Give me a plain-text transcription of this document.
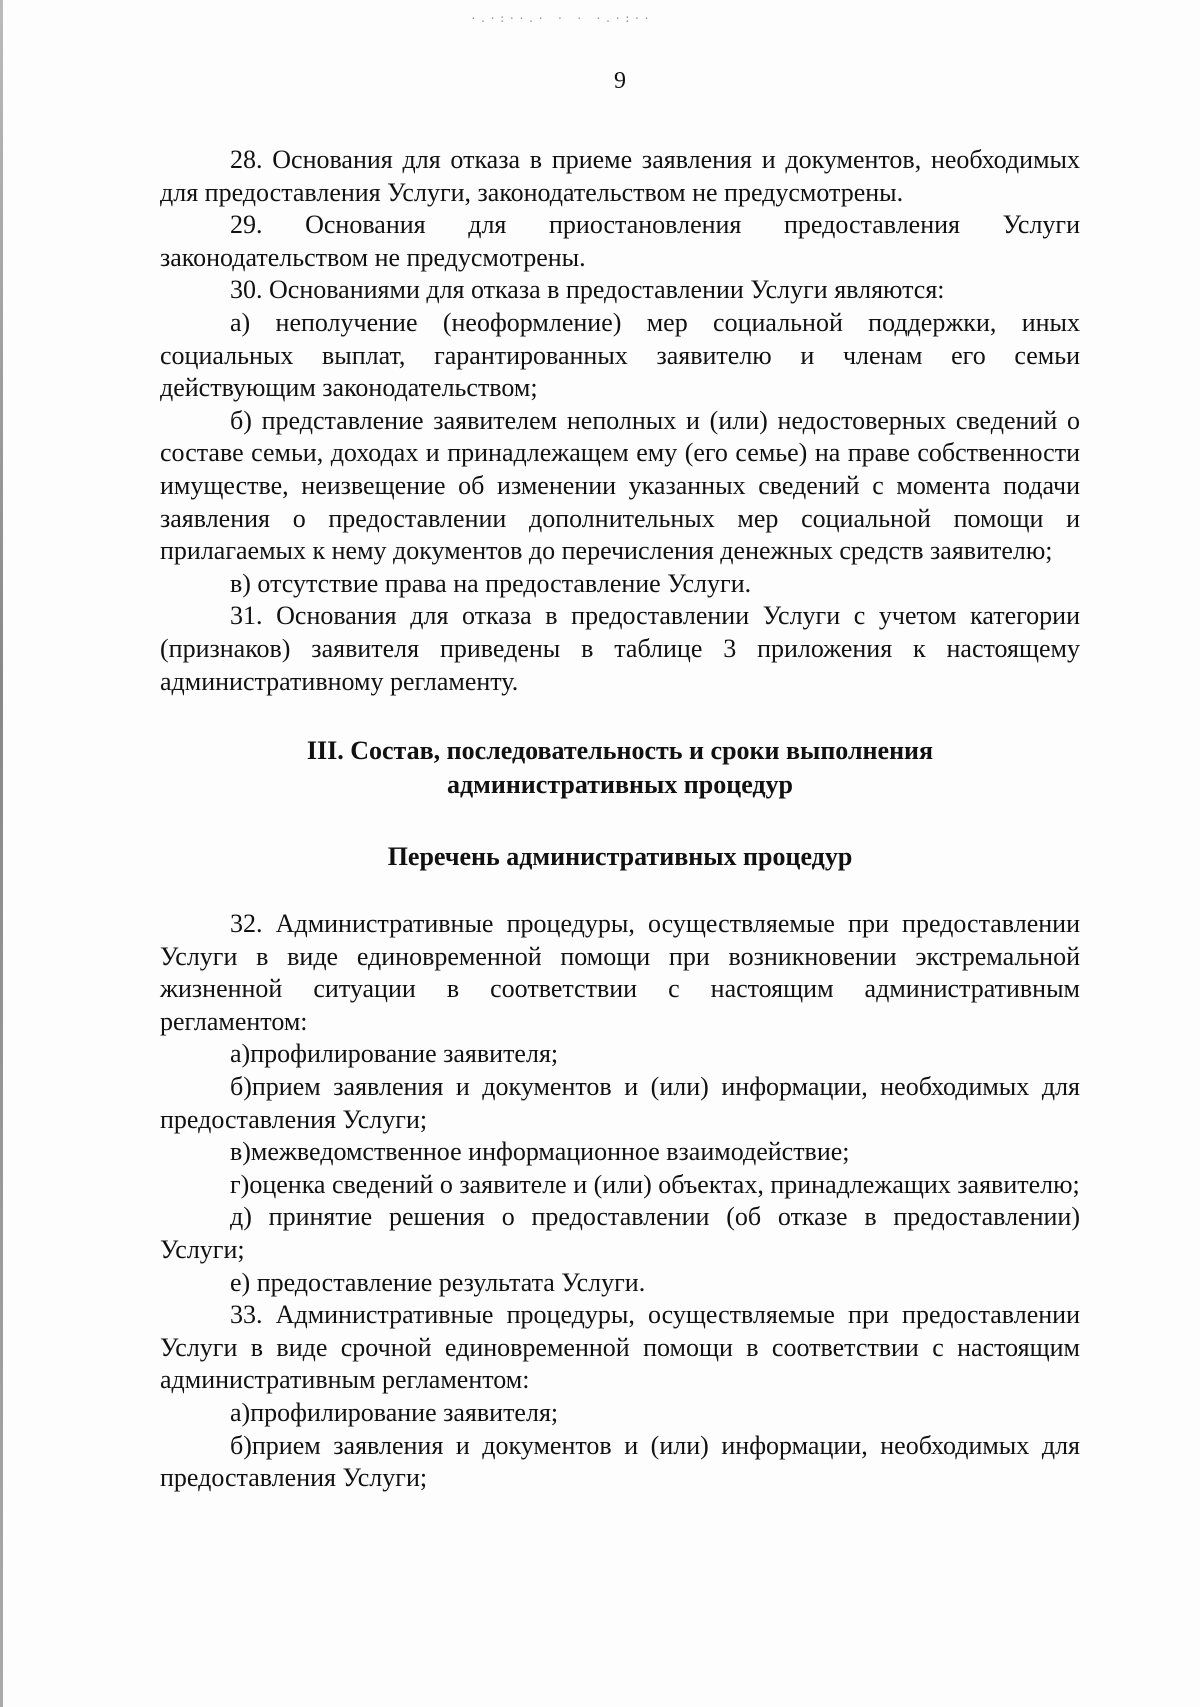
·.·:··.· · · ·.·:··
9

28. Основания для отказа в приеме заявления и документов, необходимых для предоставления Услуги, законодательством не предусмотрены.

29. Основания для приостановления предоставления Услуги законодательством не предусмотрены.

30. Основаниями для отказа в предоставлении Услуги являются:

а) неполучение (неоформление) мер социальной поддержки, иных социальных выплат, гарантированных заявителю и членам его семьи действующим законодательством;

б) представление заявителем неполных и (или) недостоверных сведений о составе семьи, доходах и принадлежащем ему (его семье) на праве собственности имуществе, неизвещение об изменении указанных сведений с момента подачи заявления о предоставлении дополнительных мер социальной помощи и прилагаемых к нему документов до перечисления денежных средств заявителю;

в) отсутствие права на предоставление Услуги.

31. Основания для отказа в предоставлении Услуги с учетом категории (признаков) заявителя приведены в таблице 3 приложения к настоящему административному регламенту.

III. Состав, последовательность и сроки выполнения

административных процедур

Перечень административных процедур

32. Административные процедуры, осуществляемые при предоставлении Услуги в виде единовременной помощи при возникновении экстремальной жизненной ситуации в соответствии с настоящим административным регламентом:

а)профилирование заявителя;

б)прием заявления и документов и (или) информации, необходимых для предоставления Услуги;

в)межведомственное информационное взаимодействие;

г)оценка сведений о заявителе и (или) объектах, принадлежащих заявителю;

д) принятие решения о предоставлении (об отказе в предоставлении) Услуги;

е) предоставление результата Услуги.

33. Административные процедуры, осуществляемые при предоставлении Услуги в виде срочной единовременной помощи в соответствии с настоящим административным регламентом:

а)профилирование заявителя;

б)прием заявления и документов и (или) информации, необходимых для предоставления Услуги;
